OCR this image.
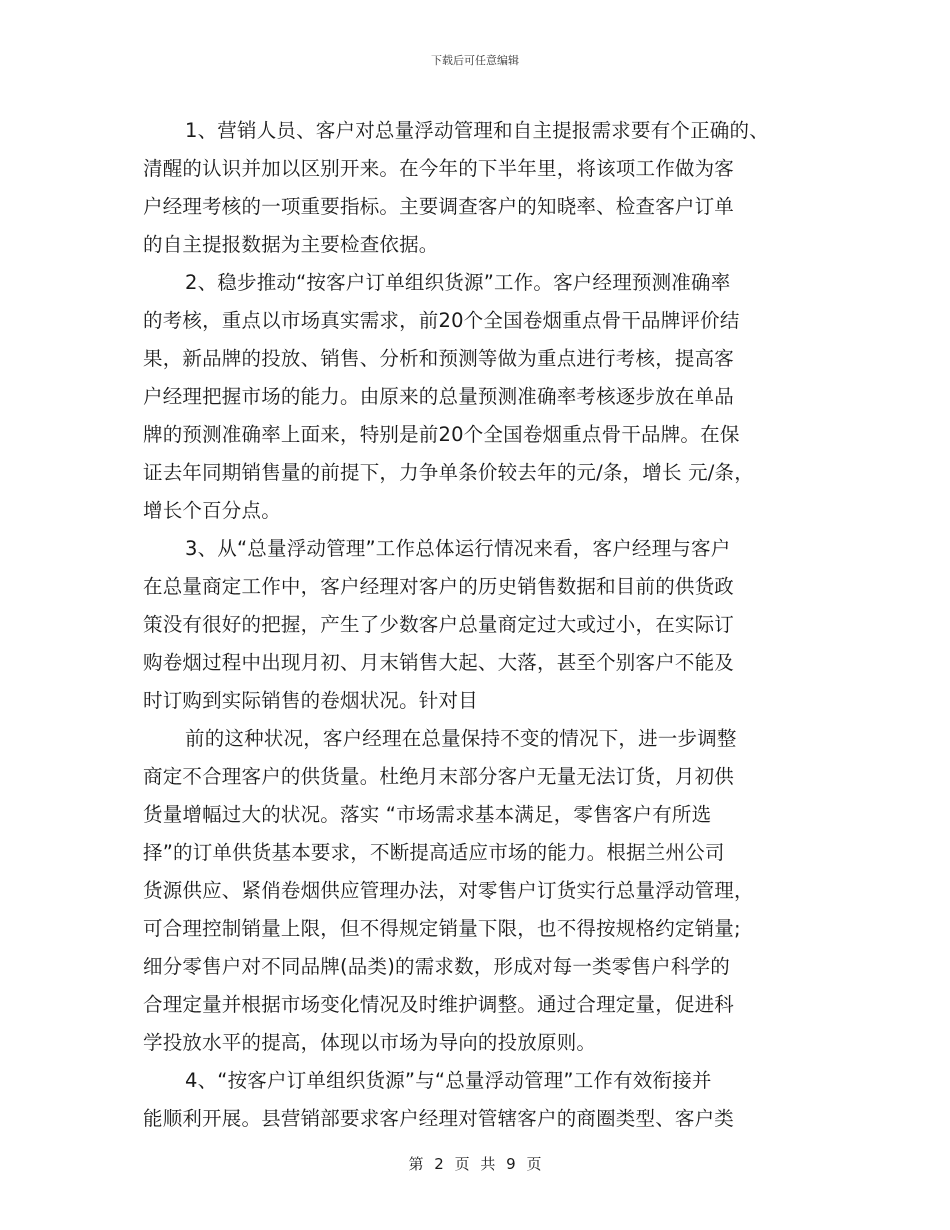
下载后可任意编辑
1、营销人员、客户对总量浮动管理和自主提报需求要有个正确的、
清醒的认识并加以区别开来。在今年的下半年里，将该项工作做为客
户经理考核的一项重要指标。主要调查客户的知晓率、检查客户订单
的自主提报数据为主要检查依据。
2、稳步推动“按客户订单组织货源”工作。客户经理预测准确率
的考核，重点以市场真实需求，前20个全国卷烟重点骨干品牌评价结
果，新品牌的投放、销售、分析和预测等做为重点进行考核，提高客
户经理把握市场的能力。由原来的总量预测准确率考核逐步放在单品
牌的预测准确率上面来，特别是前20个全国卷烟重点骨干品牌。在保
证去年同期销售量的前提下，力争单条价较去年的元/条，增长 元/条，
增长个百分点。
3、从“总量浮动管理”工作总体运行情况来看，客户经理与客户
在总量商定工作中，客户经理对客户的历史销售数据和目前的供货政
策没有很好的把握，产生了少数客户总量商定过大或过小，在实际订
购卷烟过程中出现月初、月末销售大起、大落，甚至个别客户不能及
时订购到实际销售的卷烟状况。针对目
前的这种状况，客户经理在总量保持不变的情况下，进一步调整
商定不合理客户的供货量。杜绝月末部分客户无量无法订货，月初供
货量增幅过大的状况。落实 “市场需求基本满足，零售客户有所选
择”的订单供货基本要求，不断提高适应市场的能力。根据兰州公司
货源供应、紧俏卷烟供应管理办法，对零售户订货实行总量浮动管理，
可合理控制销量上限，但不得规定销量下限，也不得按规格约定销量;
细分零售户对不同品牌(品类)的需求数，形成对每一类零售户科学的
合理定量并根据市场变化情况及时维护调整。通过合理定量，促进科
学投放水平的提高，体现以市场为导向的投放原则。
4、“按客户订单组织货源”与“总量浮动管理”工作有效衔接并
能顺利开展。县营销部要求客户经理对管辖客户的商圈类型、客户类
第 2 页 共 9 页
